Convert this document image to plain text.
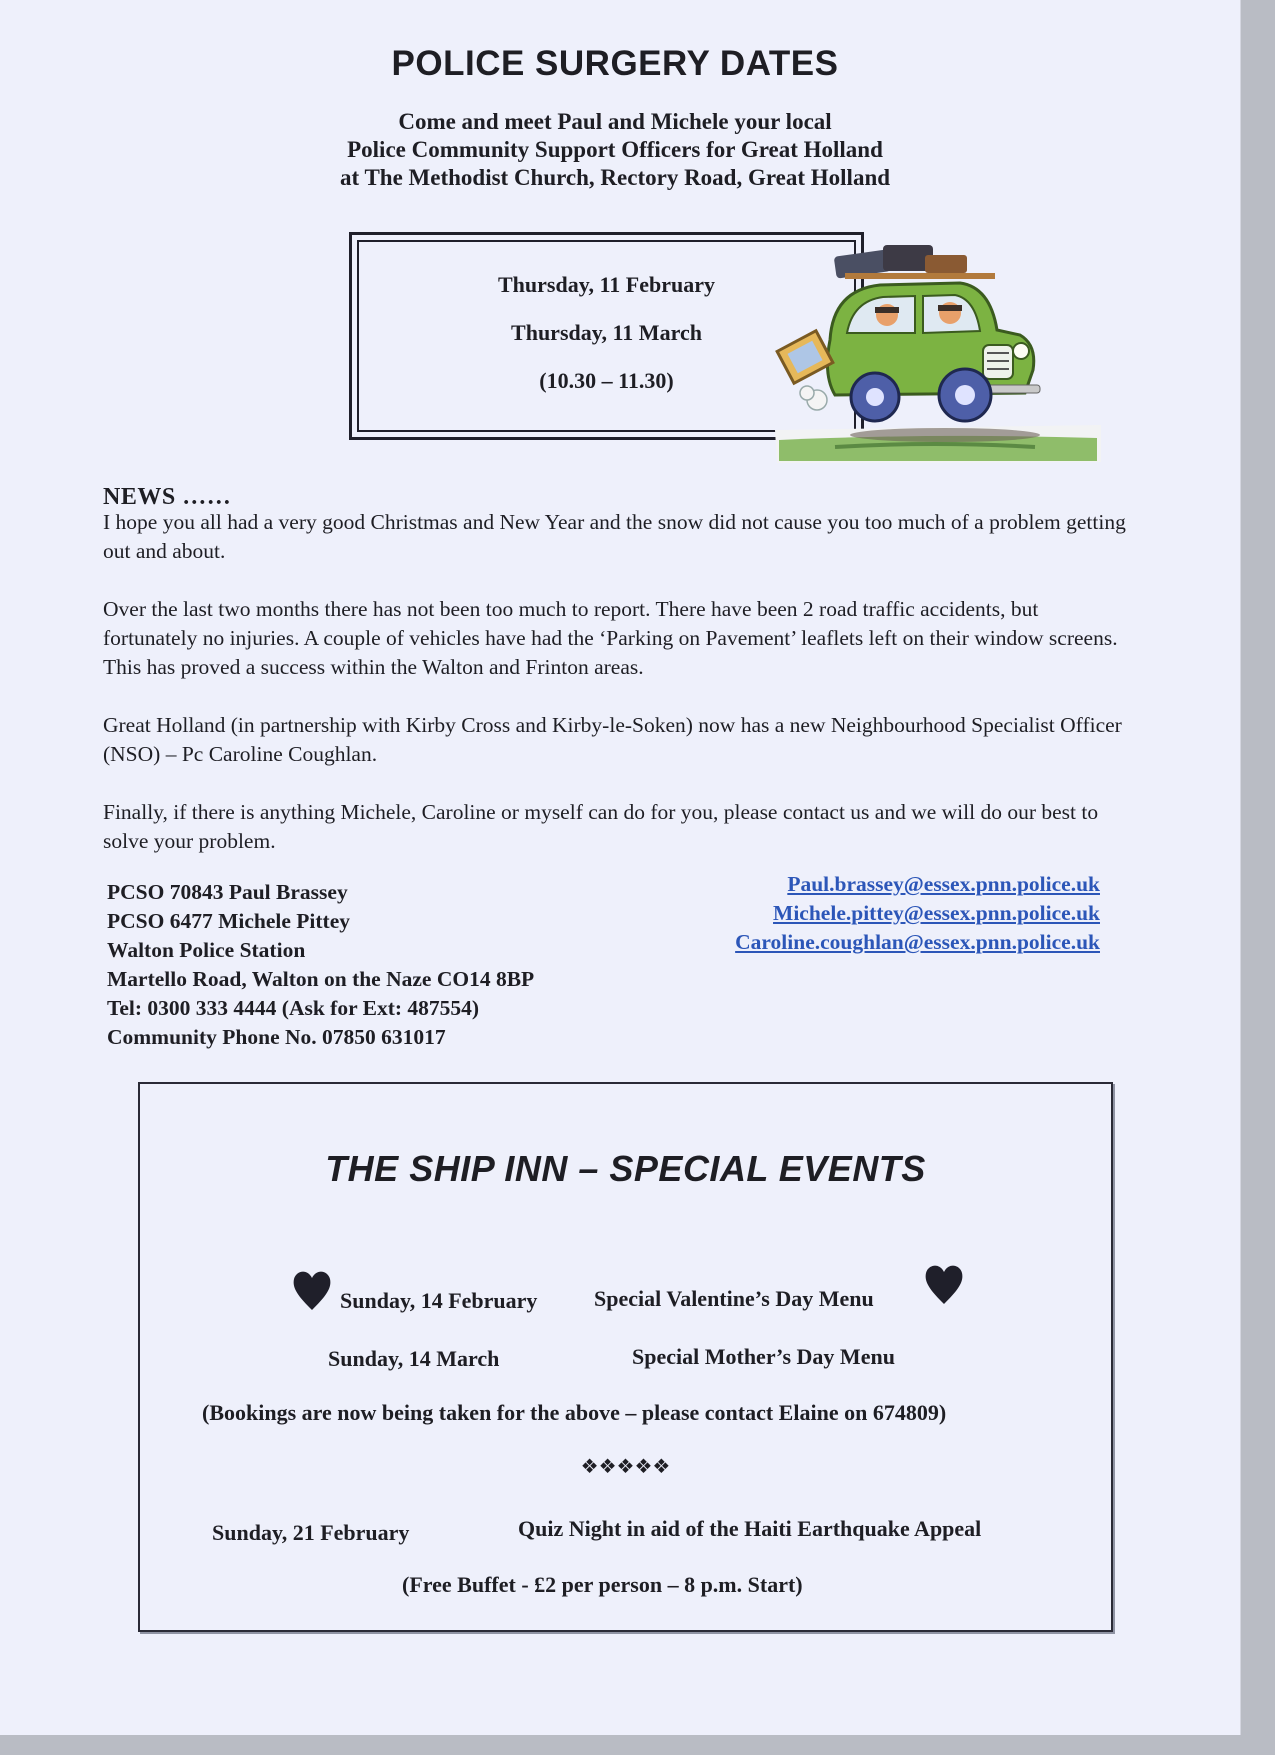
POLICE SURGERY DATES
Come and meet Paul and Michele your local
Police Community Support Officers for Great Holland
at The Methodist Church, Rectory Road, Great Holland
Thursday, 11 February
Thursday, 11 March
(10.30 – 11.30)
NEWS ……

I hope you all had a very good Christmas and New Year and the snow did not cause you too much of a problem getting out and about.

Over the last two months there has not been too much to report. There have been 2 road traffic accidents, but fortunately no injuries. A couple of vehicles have had the ‘Parking on Pavement’ leaflets left on their window screens. This has proved a success within the Walton and Frinton areas.

Great Holland (in partnership with Kirby Cross and Kirby-le-Soken) now has a new Neighbourhood Specialist Officer (NSO) – Pc Caroline Coughlan.

Finally, if there is anything Michele, Caroline or myself can do for you, please contact us and we will do our best to solve your problem.

PCSO 70843 Paul Brassey
PCSO 6477 Michele Pittey
Walton Police Station
Martello Road, Walton on the Naze CO14 8BP
Tel: 0300 333 4444 (Ask for Ext: 487554)
Community Phone No. 07850 631017
Paul.brassey@essex.pnn.police.uk
Michele.pittey@essex.pnn.police.uk
Caroline.coughlan@essex.pnn.police.uk
THE SHIP INN – SPECIAL EVENTS
Sunday, 14 February	Special Valentine’s Day Menu
Sunday, 14 March	Special Mother’s Day Menu
(Bookings are now being taken for the above – please contact Elaine on 674809)
❖❖❖❖❖
Sunday, 21 February	Quiz Night in aid of the Haiti Earthquake Appeal
(Free Buffet - £2 per person – 8 p.m. Start)
